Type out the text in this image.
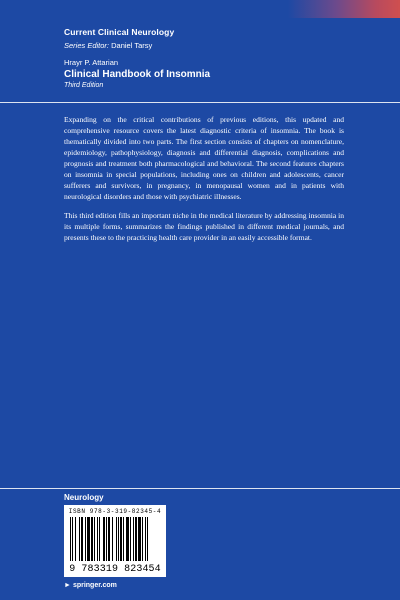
Current Clinical Neurology
Series Editor: Daniel Tarsy
Hrayr P. Attarian
Clinical Handbook of Insomnia
Third Edition

Expanding on the critical contributions of previous editions, this updated and comprehensive resource covers the latest diagnostic criteria of insomnia. The book is thematically divided into two parts. The first section consists of chapters on nomenclature, epidemiology, pathophysiology, diagnosis and differential diagnosis, complications and prognosis and treatment both pharmacological and behavioral. The second features chapters on insomnia in special populations, including ones on children and adolescents, cancer sufferers and survivors, in pregnancy, in menopausal women and in patients with neurological disorders and those with psychiatric illnesses.

This third edition fills an important niche in the medical literature by addressing insomnia in its multiple forms, summarizes the findings published in different medical journals, and presents these to the practicing health care provider in an easily accessible format.

Neurology
ISBN 978-3-319-82345-4
9 783319 823454
► springer.com
